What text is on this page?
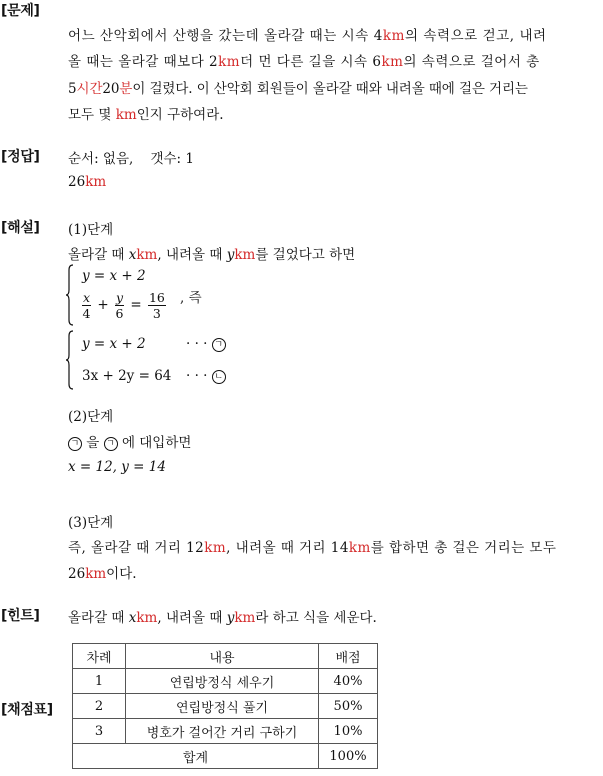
[문제]
어느 산악회에서 산행을 갔는데 올라갈 때는 시속 4km의 속력으로 걷고, 내려
올 때는 올라갈 때보다 2km더 먼 다른 길을 시속 6km의 속력으로 걸어서 총
5시간20분이 걸렸다. 이 산악회 회원들이 올라갈 때와 내려올 때에 걸은 거리는
모두 몇 km인지 구하여라.
[정답] 순서: 없음,    갯수: 1
26km
[해설] (1)단계
올라갈 때 xkm, 내려올 때 ykm를 걸었다고 하면
y = x + 2
$\frac{x}{4} + \frac{y}{6} = \frac{16}{3}$ , 즉
y = x + 2	· · · ㄱ
3x + 2y = 64 · · · ㄴ
(2)단계
ㄱ 을 ㄱ 에 대입하면
x = 12, y = 14
(3)단계
즉, 올라갈 때 거리 12km, 내려올 때 거리 14km를 합하면 총 걸은 거리는 모두
26km이다.
[힌트] 올라갈 때 xkm, 내려올 때 ykm라 하고 식을 세운다.
[채점표]
차례	내용	배점
1	연립방정식 세우기	40%
2	연립방정식 풀기	50%
3	병호가 걸어간 거리 구하기	10%
합계		100%
